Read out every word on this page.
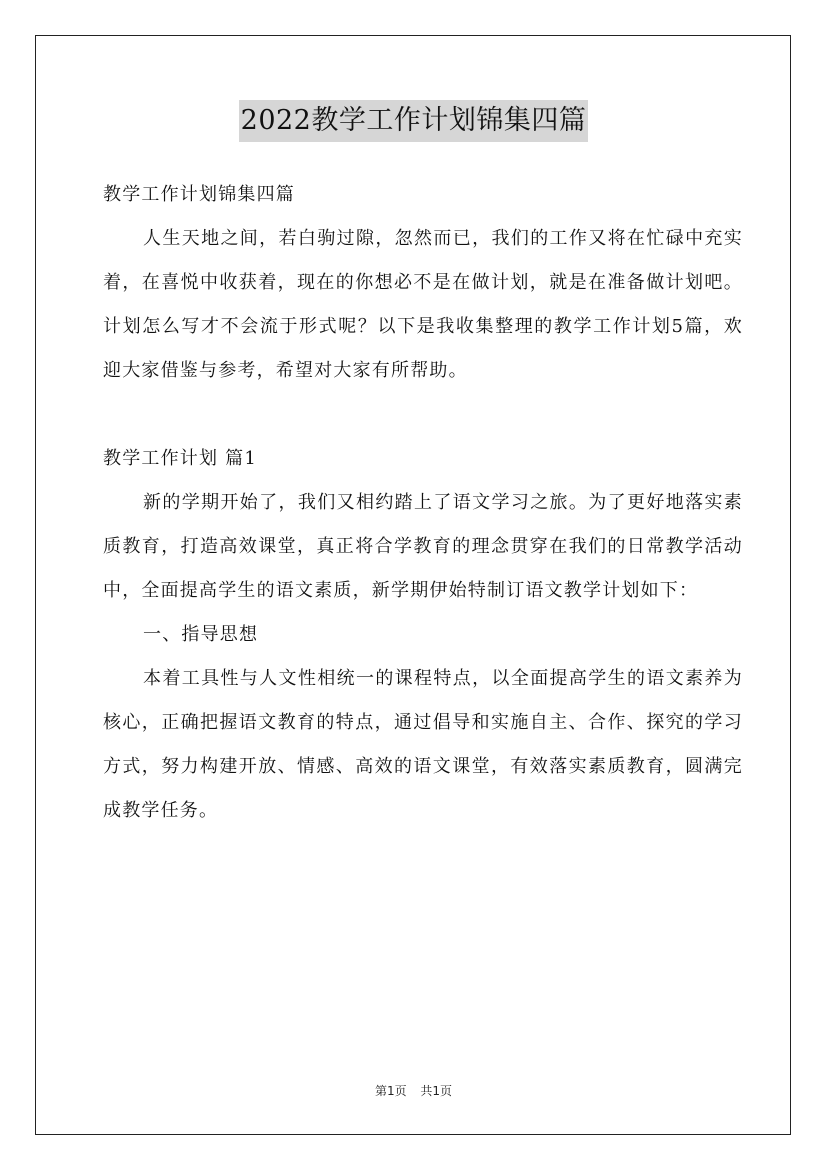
2022教学工作计划锦集四篇

教学工作计划锦集四篇

人生天地之间，若白驹过隙，忽然而已，我们的工作又将在忙碌中充实着，在喜悦中收获着，现在的你想必不是在做计划，就是在准备做计划吧。计划怎么写才不会流于形式呢？以下是我收集整理的教学工作计划5篇，欢迎大家借鉴与参考，希望对大家有所帮助。

教学工作计划 篇1

新的学期开始了，我们又相约踏上了语文学习之旅。为了更好地落实素质教育，打造高效课堂，真正将合学教育的理念贯穿在我们的日常教学活动中，全面提高学生的语文素质，新学期伊始特制订语文教学计划如下：

一、指导思想

本着工具性与人文性相统一的课程特点，以全面提高学生的语文素养为核心，正确把握语文教育的特点，通过倡导和实施自主、合作、探究的学习方式，努力构建开放、情感、高效的语文课堂，有效落实素质教育，圆满完成教学任务。

第1页 共1页
